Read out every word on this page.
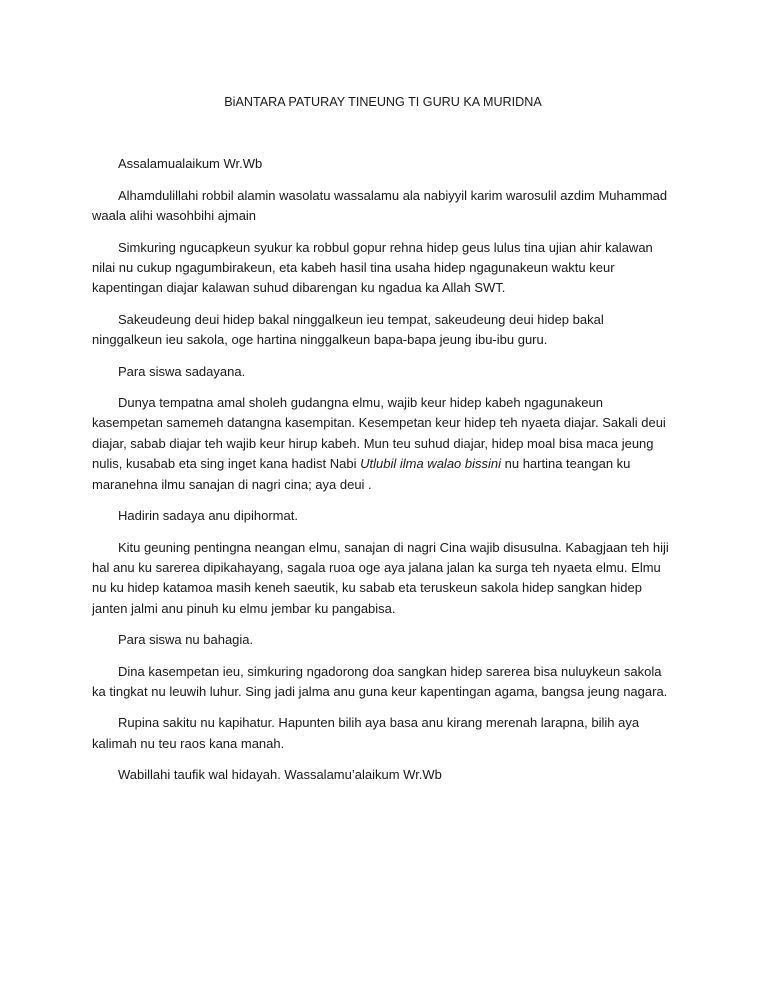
BiANTARA PATURAY TINEUNG TI GURU KA MURIDNA

Assalamualaikum Wr.Wb

Alhamdulillahi robbil alamin wasolatu wassalamu ala nabiyyil karim warosulil azdim Muhammad waala alihi wasohbihi ajmain

Simkuring ngucapkeun syukur ka robbul gopur rehna hidep geus lulus tina ujian ahir kalawan nilai nu cukup ngagumbirakeun, eta kabeh hasil tina usaha hidep ngagunakeun waktu keur kapentingan diajar kalawan suhud dibarengan ku ngadua ka Allah SWT.

Sakeudeung deui hidep bakal ninggalkeun ieu tempat, sakeudeung deui hidep bakal ninggalkeun ieu sakola, oge hartina ninggalkeun bapa-bapa jeung ibu-ibu guru.

Para siswa sadayana.

Dunya tempatna amal sholeh gudangna elmu, wajib keur hidep kabeh ngagunakeun kasempetan samemeh datangna kasempitan. Kesempetan keur hidep teh nyaeta diajar. Sakali deui diajar, sabab diajar teh wajib keur hirup kabeh. Mun teu suhud diajar, hidep moal bisa maca jeung nulis, kusabab eta sing inget kana hadist Nabi Utlubil ilma walao bissini nu hartina teangan ku maranehna ilmu sanajan di nagri cina; aya deui .

Hadirin sadaya anu dipihormat.

Kitu geuning pentingna neangan elmu, sanajan di nagri Cina wajib disusulna. Kabagjaan teh hiji hal anu ku sarerea dipikahayang, sagala ruoa oge aya jalana jalan ka surga teh nyaeta elmu. Elmu nu ku hidep katamoa masih keneh saeutik, ku sabab eta teruskeun sakola hidep sangkan hidep janten jalmi anu pinuh ku elmu jembar ku pangabisa.

Para siswa nu bahagia.

Dina kasempetan ieu, simkuring ngadorong doa sangkan hidep sarerea bisa nuluykeun sakola ka tingkat nu leuwih luhur. Sing jadi jalma anu guna keur kapentingan agama, bangsa jeung nagara.

Rupina sakitu nu kapihatur. Hapunten bilih aya basa anu kirang merenah larapna, bilih aya kalimah nu teu raos kana manah.

Wabillahi taufik wal hidayah. Wassalamu’alaikum Wr.Wb
